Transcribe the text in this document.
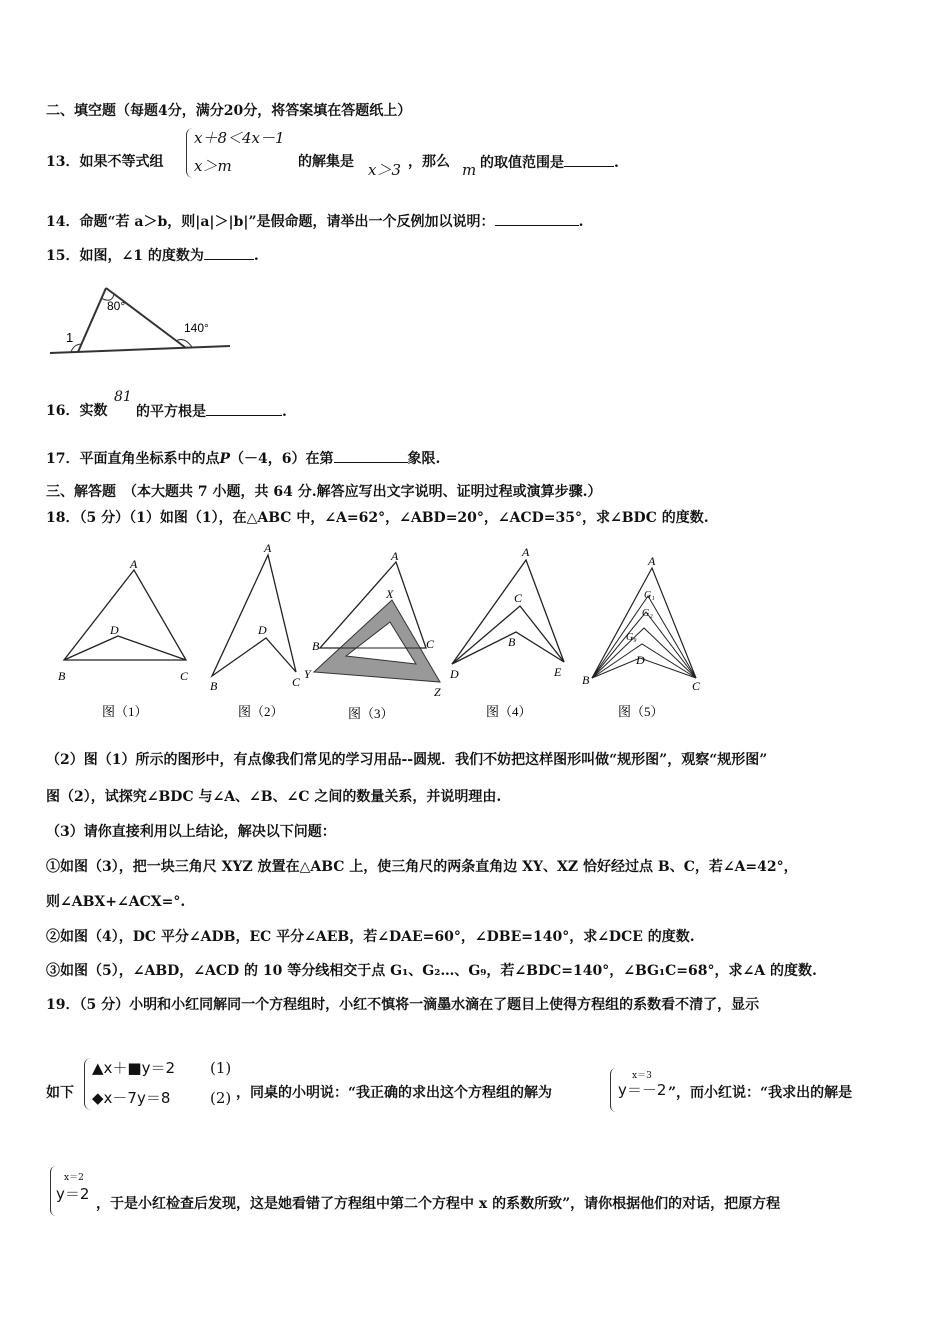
二、填空题（每题4分，满分20分，将答案填在答题纸上）
13．如果不等式组
x＋8＜4x－1
x＞m	的解集是 x＞3 ，那么 m 的取值范围是	.
14．命题“若 a＞b，则|a|＞|b|”是假命题，请举出一个反例加以说明：	.
15．如图，∠1 的度数为	.
80°
140°
1
16．实数
81
的平方根是	.
17．平面直角坐标系中的点P（－4，6）在第	象限.
三、解答题　（本大题共 7 小题，共 64 分.解答应写出文字说明、证明过程或演算步骤.）
18．（5 分）（1）如图（1），在△ABC 中，∠A=62°，∠ABD=20°，∠ACD=35°，求∠BDC 的度数.
A
D
B	C
A
D
B	C
A
X
B	C
Y
Z
A
C
B
D	E
A
G₁
G₂
G₉
D
B	C
图（1）	图（2）	图（3）	图（4）	图（5）
（2）图（1）所示的图形中，有点像我们常见的学习用品--圆规．我们不妨把这样图形叫做“规形图”，观察“规形图”
图（2），试探究∠BDC 与∠A、∠B、∠C 之间的数量关系，并说明理由.
（3）请你直接利用以上结论，解决以下问题：
①如图（3），把一块三角尺 XYZ 放置在△ABC 上，使三角尺的两条直角边 XY、XZ 恰好经过点 B、C，若∠A=42°，
则∠ABX+∠ACX=°.
②如图（4），DC 平分∠ADB，EC 平分∠AEB，若∠DAE=60°，∠DBE=140°，求∠DCE 的度数.
③如图（5），∠ABD，∠ACD 的 10 等分线相交于点 G₁、G₂…、G₉，若∠BDC=140°，∠BG₁C=68°，求∠A 的度数.
19．（5 分）小明和小红同解同一个方程组时，小红不慎将一滴墨水滴在了题目上使得方程组的系数看不清了，显示
如下
▲x＋■y＝2 (1)
◆x－7y＝8	(2) ，同桌的小明说：“我正确的求出这个方程组的解为
x＝3
y＝－2 ”，而小红说：“我求出的解是
x＝2
y＝2
，于是小红检查后发现，这是她看错了方程组中第二个方程中 x 的系数所致”，请你根据他们的对话，把原方程
